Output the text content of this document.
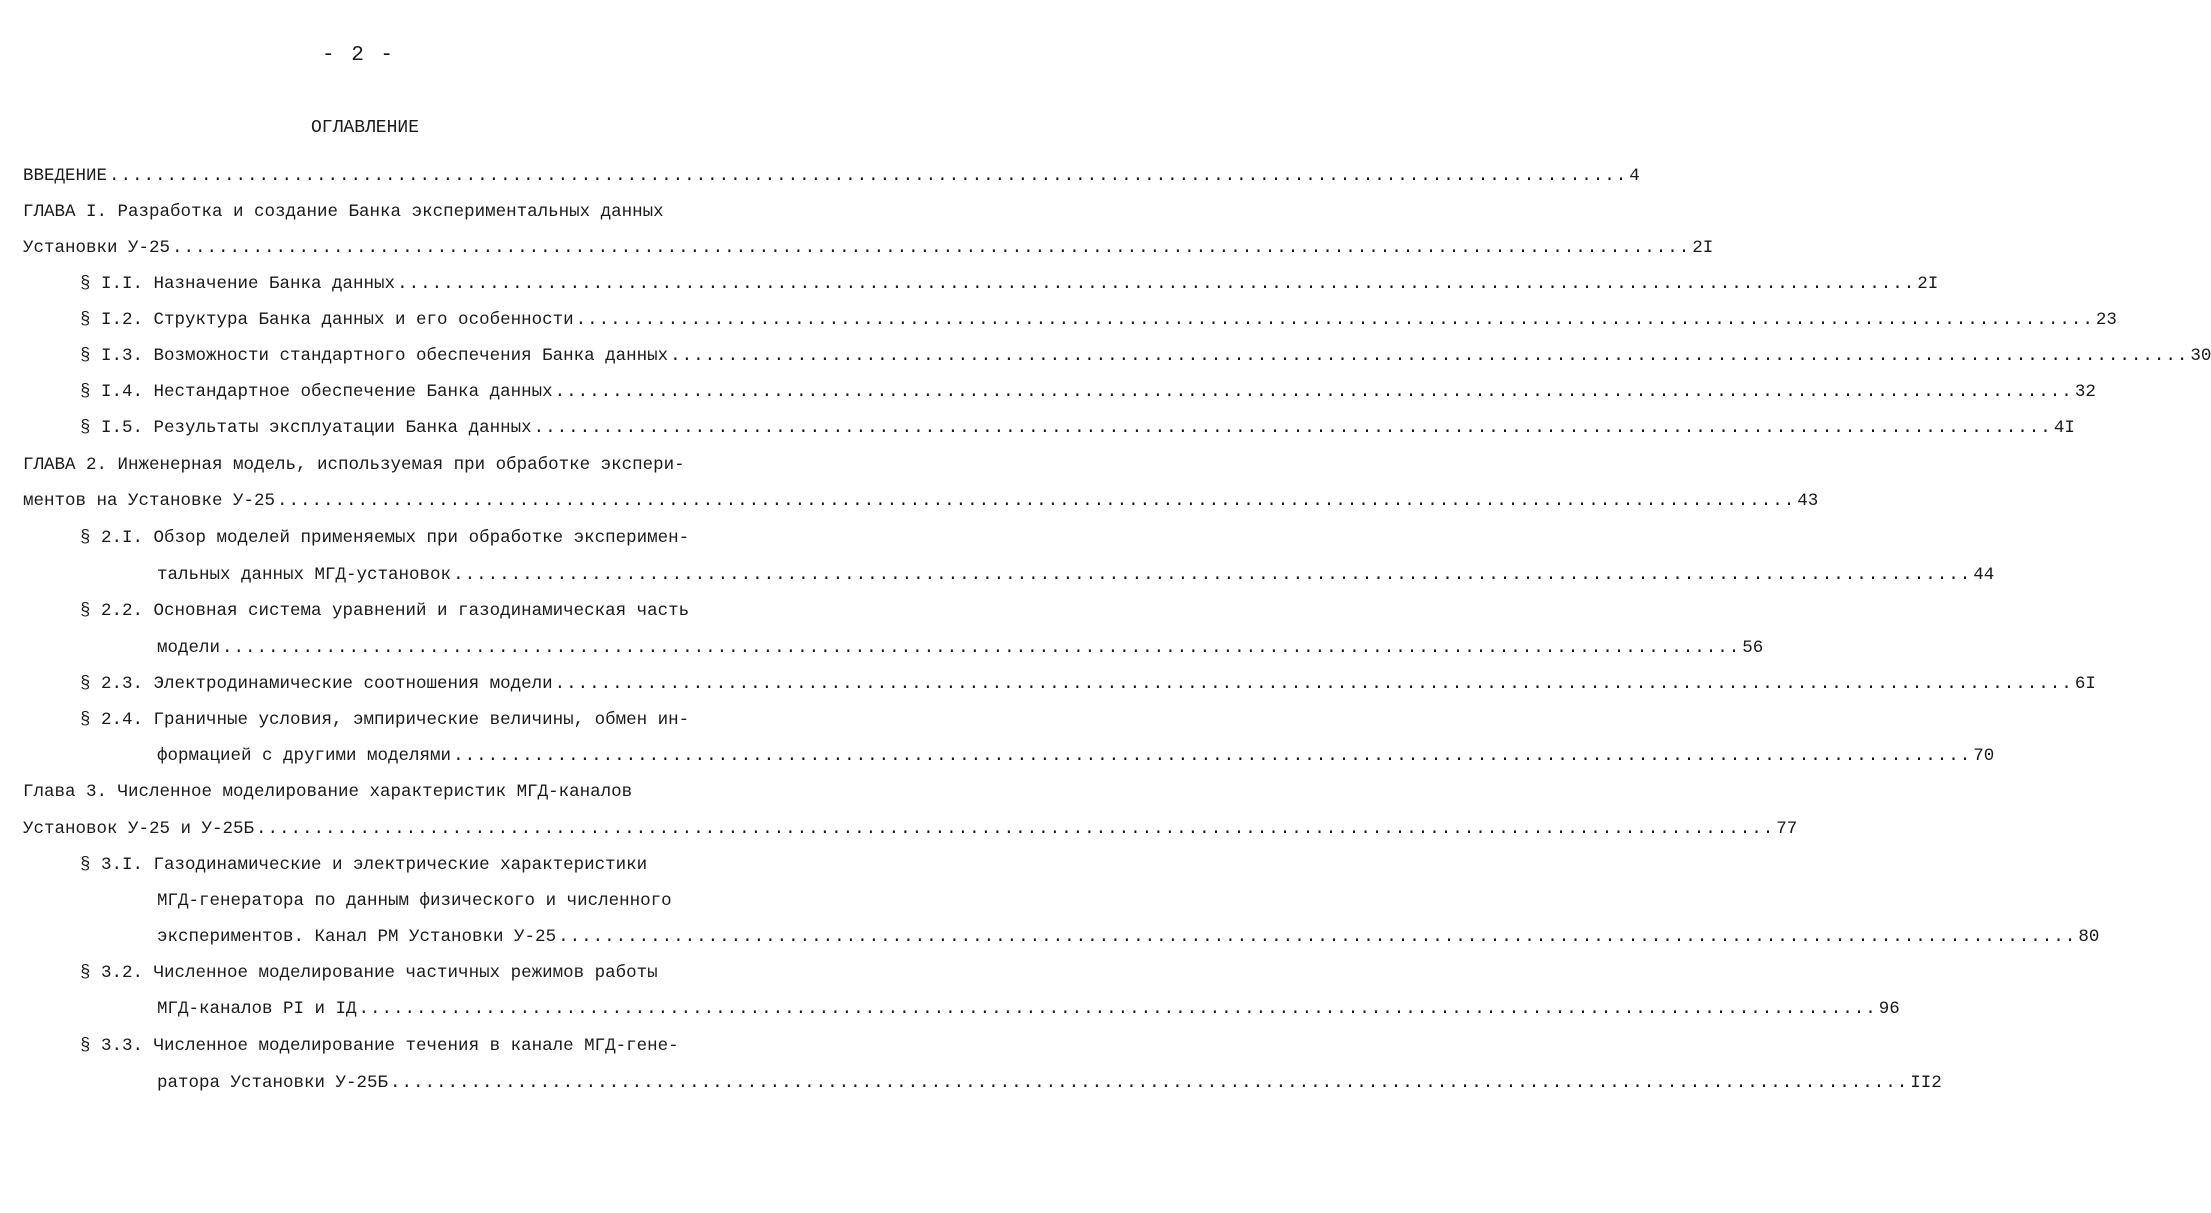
- 2 -
ОГЛАВЛЕНИЕ
ВВЕДЕНИЕ .................................................................................................................................... 4
ГЛАВА I. Разработка и создание Банка экспериментальных данных
Установки У-25 .................................................................................................................................... 2I
§ I.I. Назначение Банка данных .................................................................................................................................... 2I
§ I.2. Структура Банка данных и его особенности .................................................................................................................................... 23
§ I.3. Возможности стандартного обеспечения Банка данных .................................................................................................................................... 30
§ I.4. Нестандартное обеспечение Банка данных .................................................................................................................................... 32
§ I.5. Результаты эксплуатации Банка данных .................................................................................................................................... 4I
ГЛАВА 2. Инженерная модель, используемая при обработке экспери-
ментов на Установке У-25 .................................................................................................................................... 43
§ 2.I. Обзор моделей применяемых при обработке эксперимен-
тальных данных МГД-установок .................................................................................................................................... 44
§ 2.2. Основная система уравнений и газодинамическая часть
модели .................................................................................................................................... 56
§ 2.3. Электродинамические соотношения модели .................................................................................................................................... 6I
§ 2.4. Граничные условия, эмпирические величины, обмен ин-
формацией с другими моделями .................................................................................................................................... 70
Глава 3. Численное моделирование характеристик МГД-каналов
Установок У-25 и У-25Б .................................................................................................................................... 77
§ 3.I. Газодинамические и электрические характеристики
МГД-генератора по данным физического и численного
экспериментов. Канал РМ Установки У-25 .................................................................................................................................... 80
§ 3.2. Численное моделирование частичных режимов работы
МГД-каналов PI и IД .................................................................................................................................... 96
§ 3.3. Численное моделирование течения в канале МГД-гене-
ратора Установки У-25Б .................................................................................................................................... II2
